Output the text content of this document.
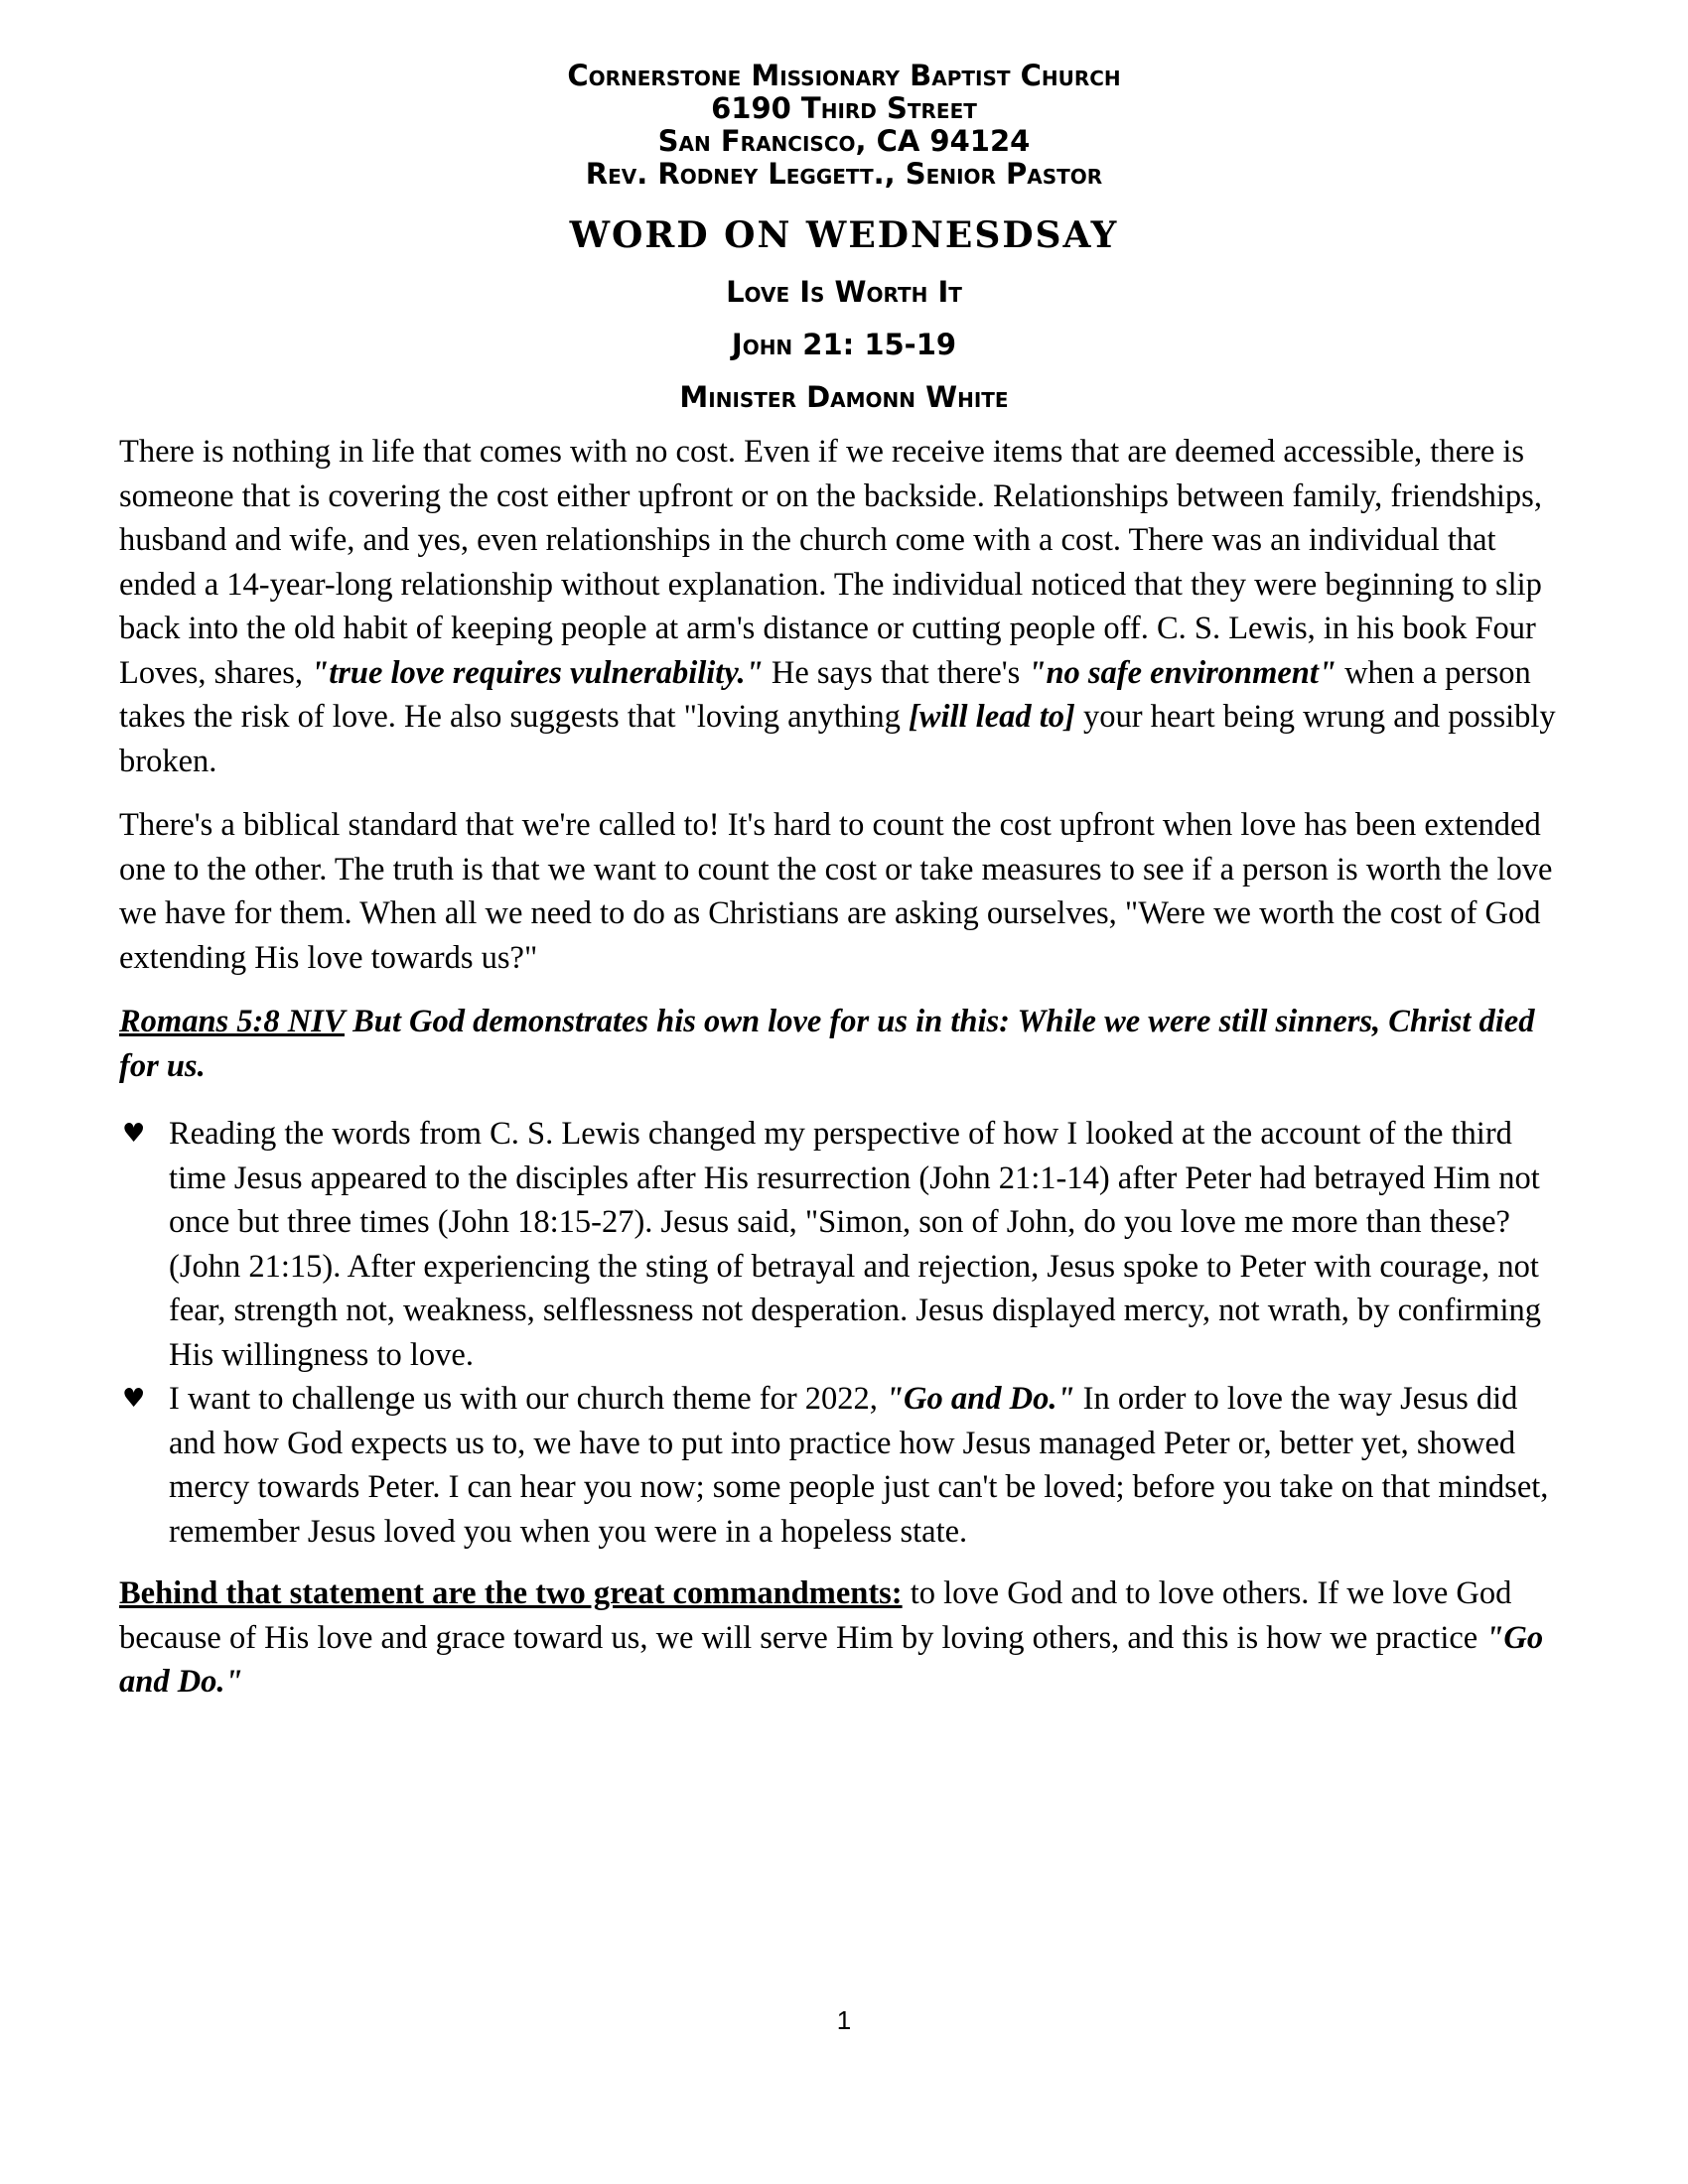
Cornerstone Missionary Baptist Church
6190 Third Street
San Francisco, CA 94124
Rev. Rodney Leggett., Senior Pastor
WORD ON WEDNESDSAY
Love Is Worth It
John 21: 15-19
Minister Damonn White

There is nothing in life that comes with no cost. Even if we receive items that are deemed accessible, there is someone that is covering the cost either upfront or on the backside. Relationships between family, friendships, husband and wife, and yes, even relationships in the church come with a cost. There was an individual that ended a 14-year-long relationship without explanation. The individual noticed that they were beginning to slip back into the old habit of keeping people at arm's distance or cutting people off. C. S. Lewis, in his book Four Loves, shares, "true love requires vulnerability." He says that there's "no safe environment" when a person takes the risk of love. He also suggests that "loving anything [will lead to] your heart being wrung and possibly broken.

There's a biblical standard that we're called to! It's hard to count the cost upfront when love has been extended one to the other. The truth is that we want to count the cost or take measures to see if a person is worth the love we have for them. When all we need to do as Christians are asking ourselves, "Were we worth the cost of God extending His love towards us?"

Romans 5:8 NIV But God demonstrates his own love for us in this: While we were still sinners, Christ died for us.

♥ Reading the words from C. S. Lewis changed my perspective of how I looked at the account of the third time Jesus appeared to the disciples after His resurrection (John 21:1-14) after Peter had betrayed Him not once but three times (John 18:15-27). Jesus said, "Simon, son of John, do you love me more than these? (John 21:15). After experiencing the sting of betrayal and rejection, Jesus spoke to Peter with courage, not fear, strength not, weakness, selflessness not desperation. Jesus displayed mercy, not wrath, by confirming His willingness to love.
♥ I want to challenge us with our church theme for 2022, "Go and Do." In order to love the way Jesus did and how God expects us to, we have to put into practice how Jesus managed Peter or, better yet, showed mercy towards Peter. I can hear you now; some people just can't be loved; before you take on that mindset, remember Jesus loved you when you were in a hopeless state.

Behind that statement are the two great commandments: to love God and to love others. If we love God because of His love and grace toward us, we will serve Him by loving others, and this is how we practice "Go and Do."

1
